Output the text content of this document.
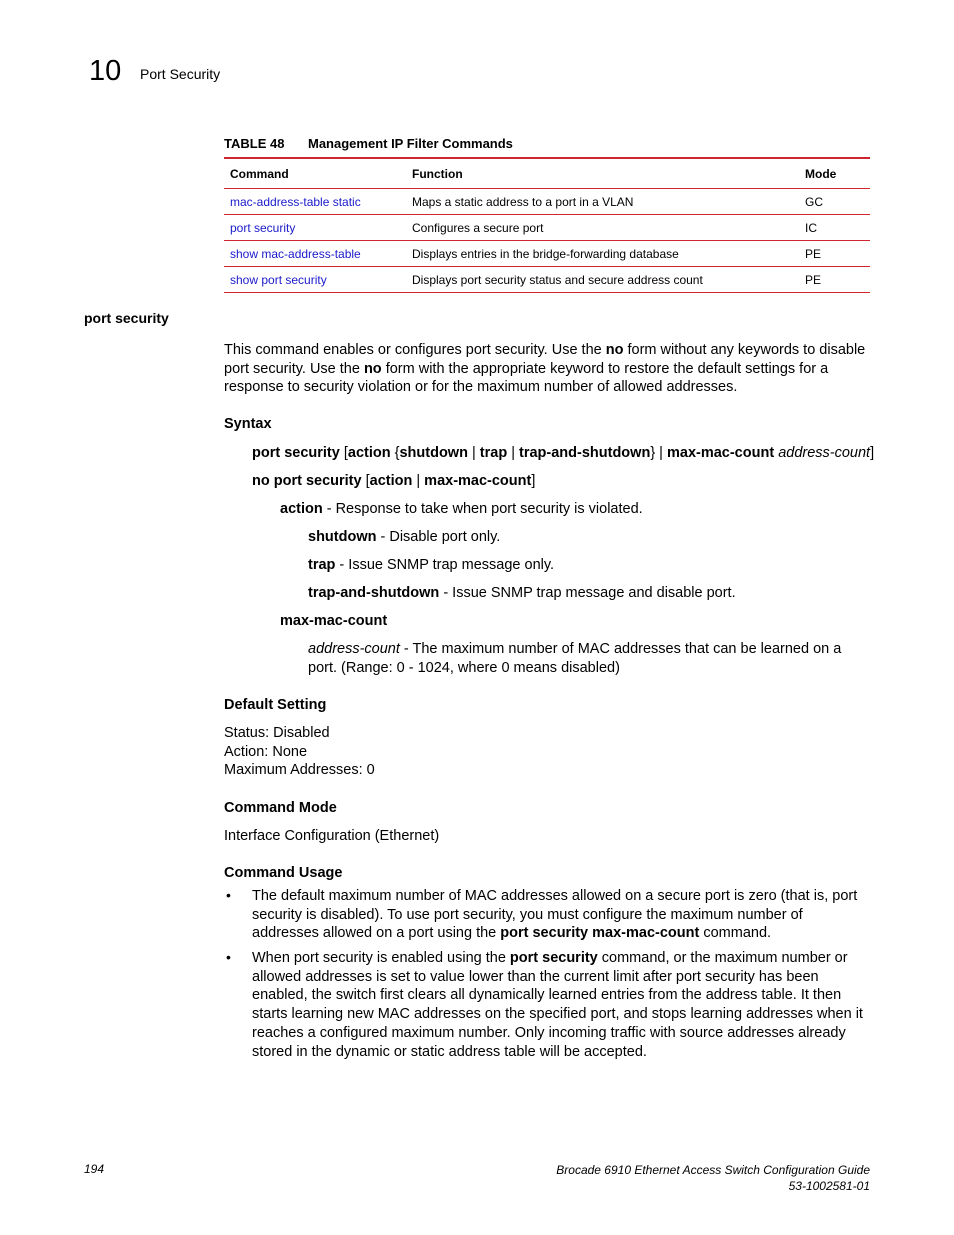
10 Port Security
TABLE 48 Management IP Filter Commands
Command	Function	Mode
mac-address-table static	Maps a static address to a port in a VLAN	GC
port security	Configures a secure port	IC
show mac-address-table	Displays entries in the bridge-forwarding database	PE
show port security	Displays port security status and secure address count	PE
port security
This command enables or configures port security. Use the no form without any keywords to disable port security. Use the no form with the appropriate keyword to restore the default settings for a response to security violation or for the maximum number of allowed addresses.
Syntax
port security [action {shutdown | trap | trap-and-shutdown} | max-mac-count address-count]
no port security [action | max-mac-count]
action - Response to take when port security is violated.
shutdown - Disable port only.
trap - Issue SNMP trap message only.
trap-and-shutdown - Issue SNMP trap message and disable port.
max-mac-count
address-count - The maximum number of MAC addresses that can be learned on a port. (Range: 0 - 1024, where 0 means disabled)
Default Setting
Status: Disabled
Action: None
Maximum Addresses: 0
Command Mode
Interface Configuration (Ethernet)
Command Usage
• The default maximum number of MAC addresses allowed on a secure port is zero (that is, port security is disabled). To use port security, you must configure the maximum number of addresses allowed on a port using the port security max-mac-count command.
• When port security is enabled using the port security command, or the maximum number or allowed addresses is set to value lower than the current limit after port security has been enabled, the switch first clears all dynamically learned entries from the address table. It then starts learning new MAC addresses on the specified port, and stops learning addresses when it reaches a configured maximum number. Only incoming traffic with source addresses already stored in the dynamic or static address table will be accepted.
194	Brocade 6910 Ethernet Access Switch Configuration Guide
53-1002581-01
